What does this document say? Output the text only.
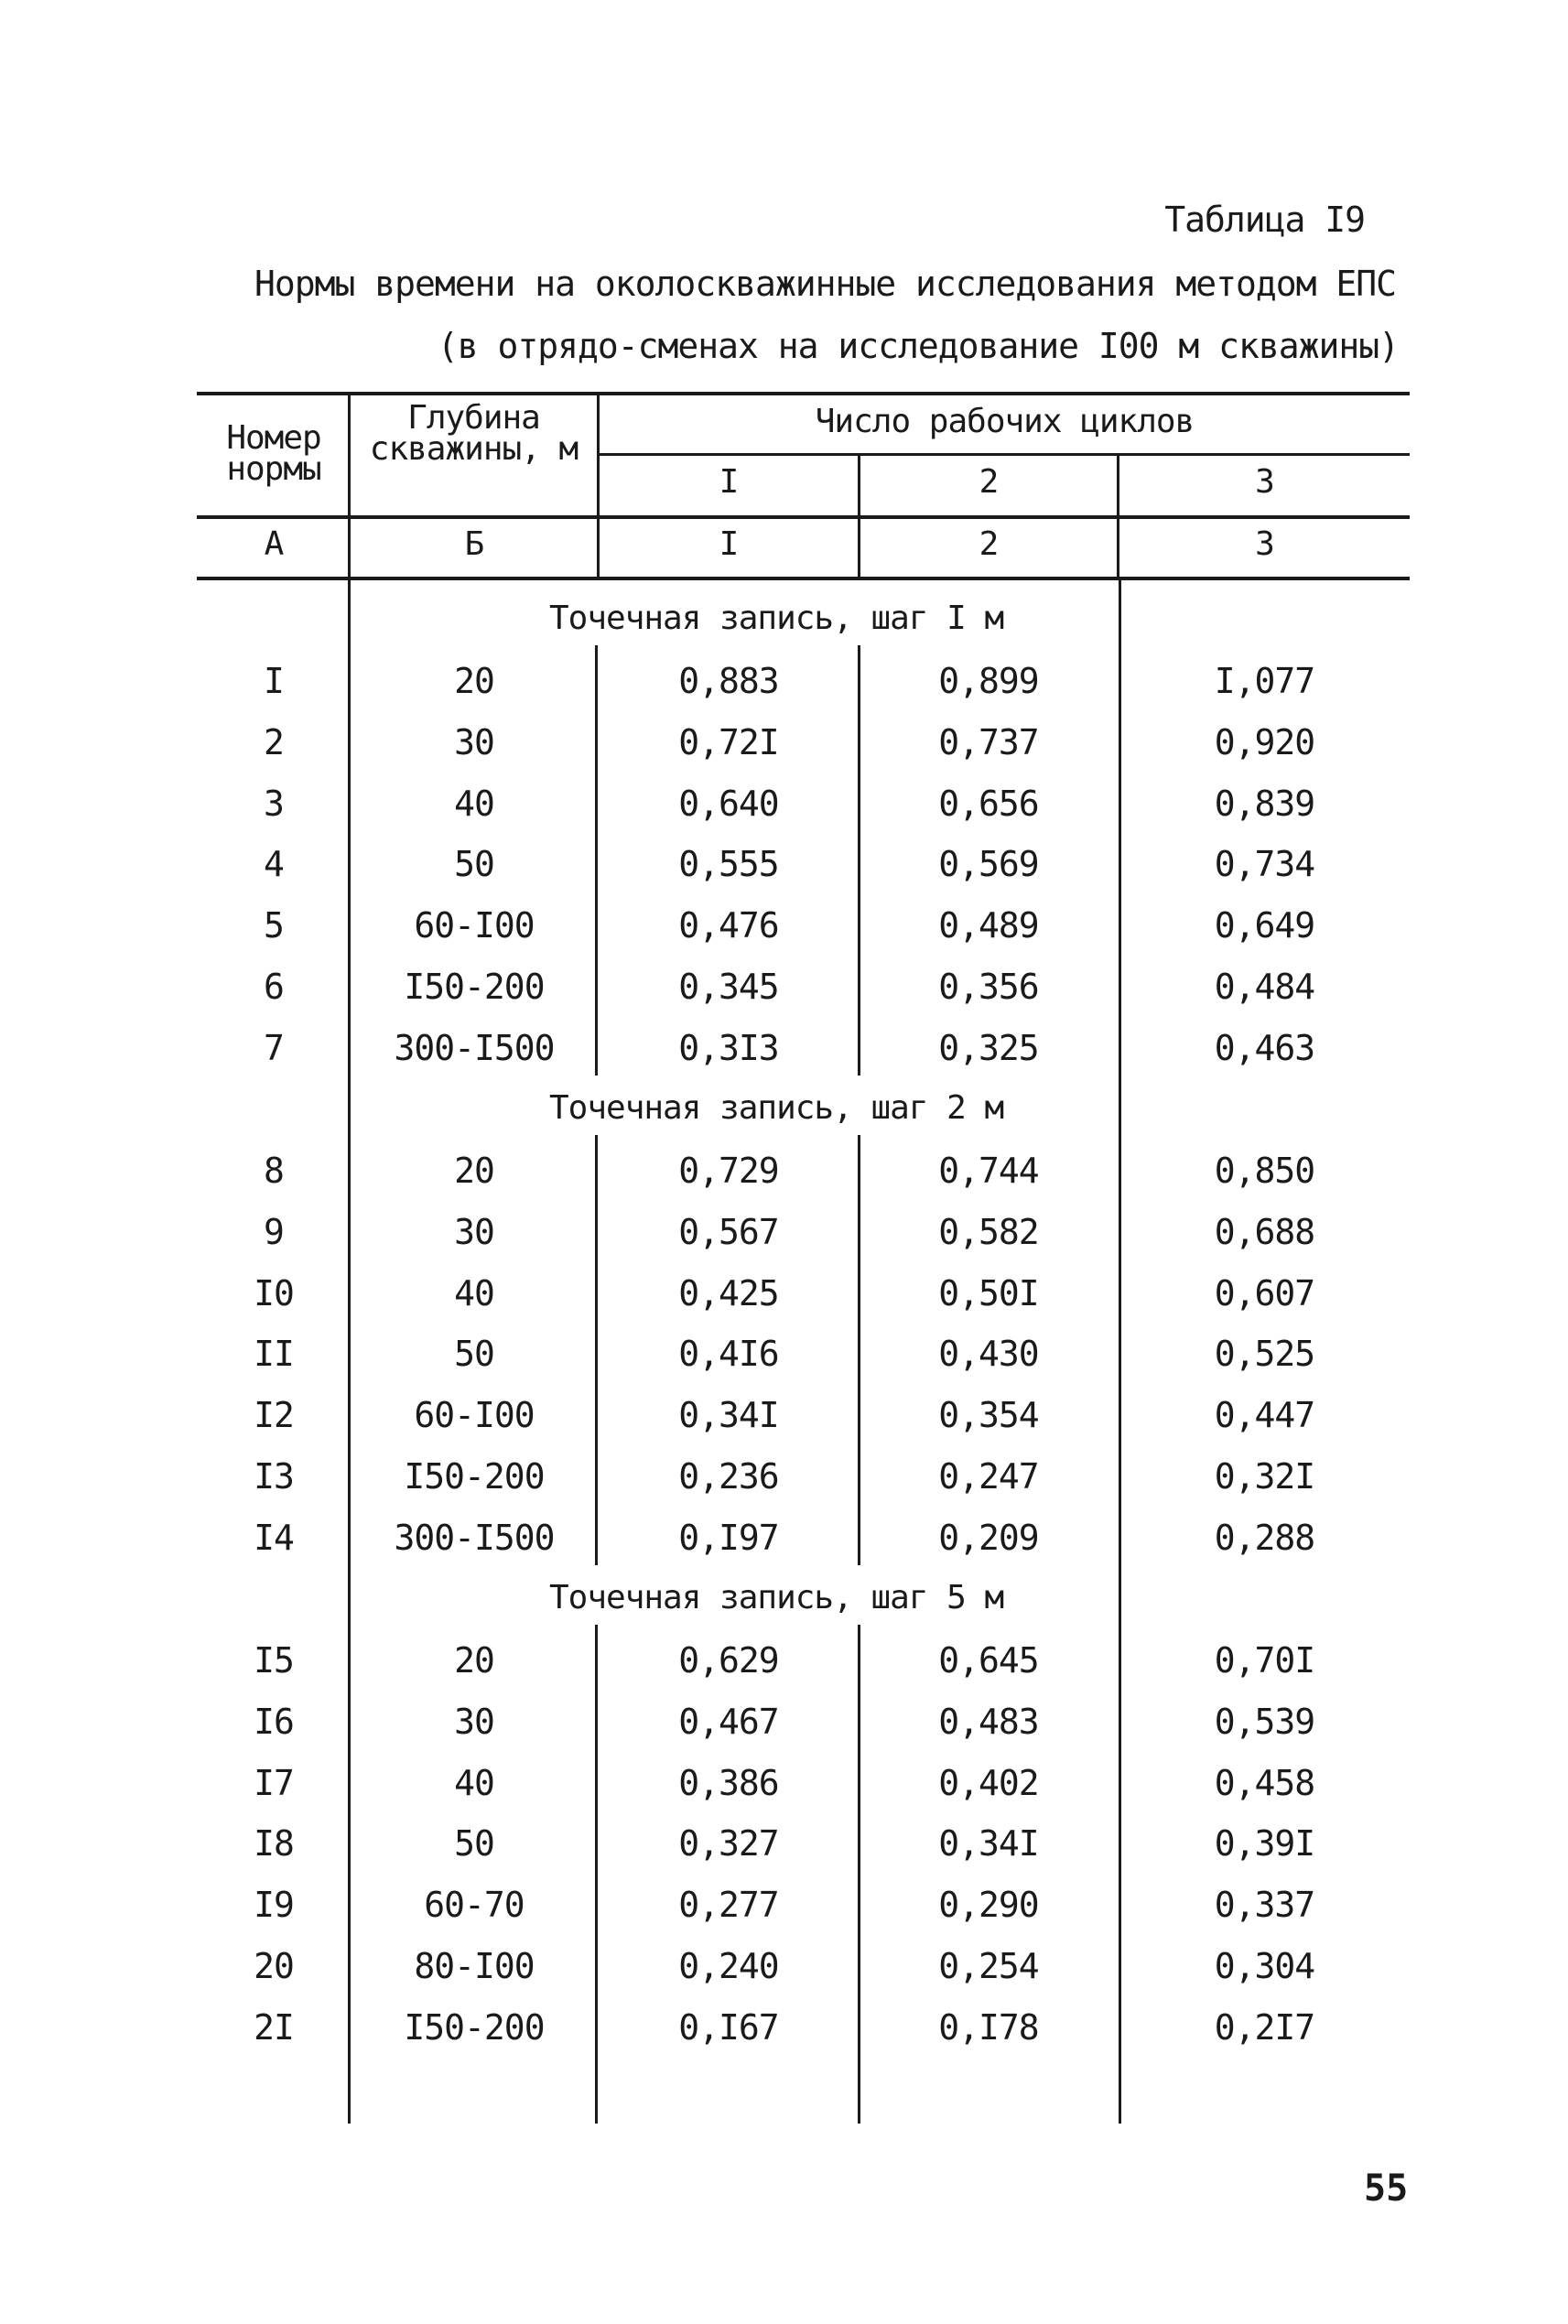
Таблица I9
Нормы времени на околоскважинные исследования методом ЕПС
(в отрядо-сменах на исследование I00 м скважины)
Номер нормы
Глубина скважины, м
Число рабочих циклов
I	2	3
А	Б	I	2	3
Точечная запись, шаг I м
I	20	0,883	0,899	I,077
2	30	0,72I	0,737	0,920
3	40	0,640	0,656	0,839
4	50	0,555	0,569	0,734
5	60-I00	0,476	0,489	0,649
6	I50-200	0,345	0,356	0,484
7	300-I500	0,3I3	0,325	0,463
Точечная запись, шаг 2 м
8	20	0,729	0,744	0,850
9	30	0,567	0,582	0,688
I0	40	0,425	0,50I	0,607
II	50	0,4I6	0,430	0,525
I2	60-I00	0,34I	0,354	0,447
I3	I50-200	0,236	0,247	0,32I
I4	300-I500	0,I97	0,209	0,288
Точечная запись, шаг 5 м
I5	20	0,629	0,645	0,70I
I6	30	0,467	0,483	0,539
I7	40	0,386	0,402	0,458
I8	50	0,327	0,34I	0,39I
I9	60-70	0,277	0,290	0,337
20	80-I00	0,240	0,254	0,304
2I	I50-200	0,I67	0,I78	0,2I7
55
